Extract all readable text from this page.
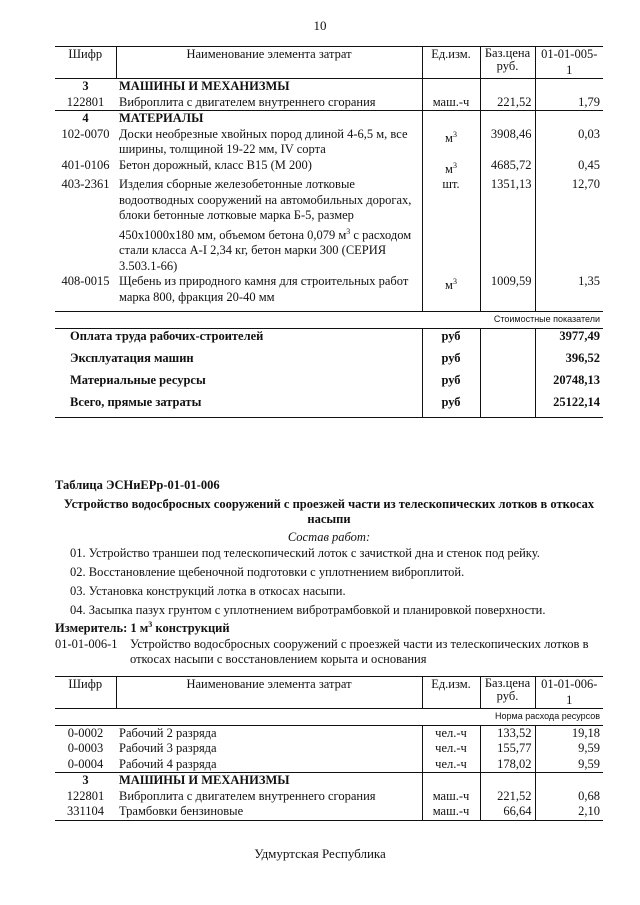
10
Шифр	Наименование элемента затрат	Ед.изм.	Баз.цена руб.	01-01-005-1
3	МАШИНЫ И МЕХАНИЗМЫ			
122801	Виброплита с двигателем внутреннего сгорания	маш.-ч	221,52	1,79
4	МАТЕРИАЛЫ			
102-0070	Доски необрезные хвойных пород длиной 4-6,5 м, все ширины, толщиной 19-22 мм, IV сорта	$м^3$	3908,46	0,03
401-0106	Бетон дорожный, класс В15 (М 200)	$м^3$	4685,72	0,45
403-2361	Изделия сборные железобетонные лотковые водоотводных сооружений на автомобильных дорогах, блоки бетонные лотковые марка Б-5, размер 450x1000x180 мм, объемом бетона 0,079 $м^3$ с расходом стали класса А-I 2,34 кг, бетон марки 300 (СЕРИЯ 3.503.1-66)	шт.	1351,13	12,70
408-0015	Щебень из природного камня для строительных работ марка 800, фракция 20-40 мм	$м^3$	1009,59	1,35

Стоимостные показатели				
Оплата труда рабочих-строителей		руб		3977,49
Эксплуатация машин		руб		396,52
Материальные ресурсы		руб		20748,13
Всего, прямые затраты		руб		25122,14
Таблица ЭСНиЕРр-01-01-006
Устройство водосбросных сооружений с проезжей части из телескопических лотков в откосах насыпи
Состав работ:
01. Устройство траншеи под телескопический лоток с зачисткой дна и стенок под рейку.
02. Восстановление щебеночной подготовки с уплотнением виброплитой.
03. Установка конструкций лотка в откосах насыпи.
04. Засыпка пазух грунтом с уплотнением вибротрамбовкой и планировкой поверхности.
Измеритель: 1 $м^3$ конструкций
01-01-006-1 Устройство водосбросных сооружений с проезжей части из телескопических лотков в откосах насыпи с восстановлением корыта и основания
Шифр	Наименование элемента затрат	Ед.изм.	Баз.цена руб.	01-01-006-1
Норма расхода ресурсов				
0-0002	Рабочий 2 разряда	чел.-ч	133,52	19,18
0-0003	Рабочий 3 разряда	чел.-ч	155,77	9,59
0-0004	Рабочий 4 разряда	чел.-ч	178,02	9,59
3	МАШИНЫ И МЕХАНИЗМЫ			
122801	Виброплита с двигателем внутреннего сгорания	маш.-ч	221,52	0,68
331104	Трамбовки бензиновые	маш.-ч	66,64	2,10
Удмуртская Республика
